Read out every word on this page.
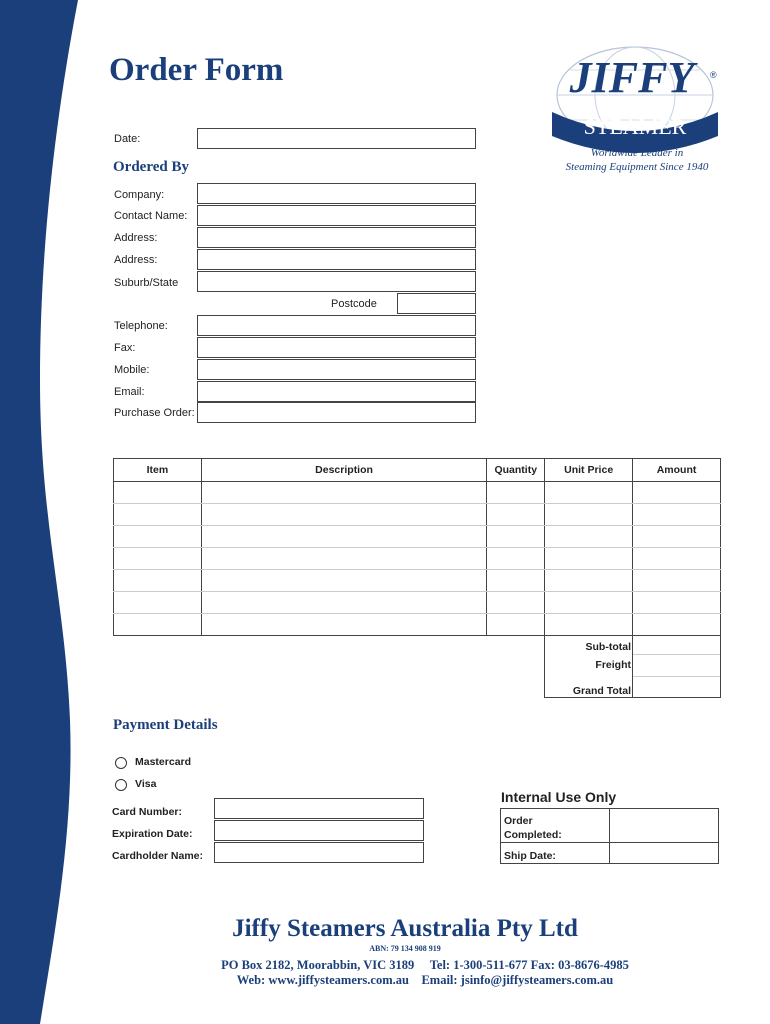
Order Form	JIFFY	®
STEAMER
Worldwide Leader in
Steaming Equipment Since 1940
Date:
Ordered By
Company:
Contact Name:
Address:
Address:
Suburb/State
Postcode
Telephone:
Fax:
Mobile:
Email:
Purchase Order:
Item	Description	Quantity	Unit Price	Amount

Sub-total
Freight
Grand Total
Payment Details
Mastercard
Visa
Card Number:
Expiration Date:
Cardholder Name:
Internal Use Only
Order
Completed:
Ship Date:
Jiffy Steamers Australia Pty Ltd
ABN: 79 134 908 919
PO Box 2182, Moorabbin, VIC 3189 Tel: 1-300-511-677 Fax: 03-8676-4985
Web: www.jiffysteamers.com.au Email: jsinfo@jiffysteamers.com.au
